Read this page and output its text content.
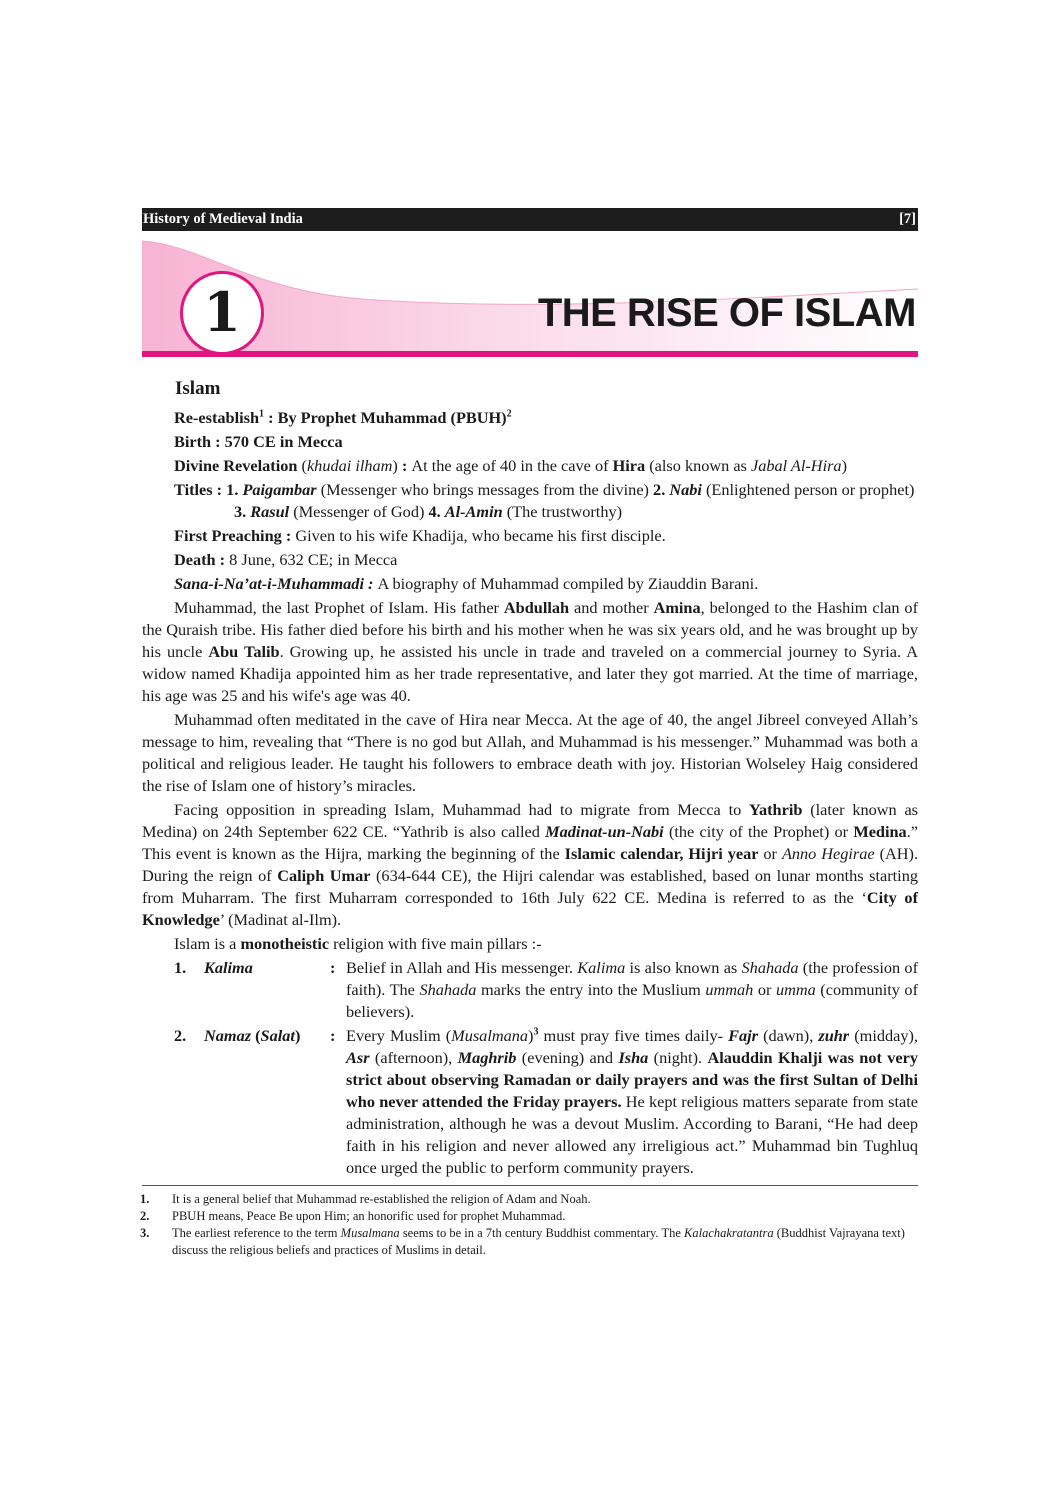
History of Medieval India	[7]
1	THE RISE OF ISLAM
Islam
Re-establish$^1$ : By Prophet Muhammad (PBUH)$^2$
Birth : 570 CE in Mecca
Divine Revelation (khudai ilham) : At the age of 40 in the cave of Hira (also known as Jabal Al-Hira)
Titles : 1. Paigambar (Messenger who brings messages from the divine) 2. Nabi (Enlightened person or prophet) 3. Rasul (Messenger of God) 4. Al-Amin (The trustworthy)
First Preaching : Given to his wife Khadija, who became his first disciple.
Death : 8 June, 632 CE; in Mecca
Sana-i-Na’at-i-Muhammadi : A biography of Muhammad compiled by Ziauddin Barani.

Muhammad, the last Prophet of Islam. His father Abdullah and mother Amina, belonged to the Hashim clan of the Quraish tribe. His father died before his birth and his mother when he was six years old, and he was brought up by his uncle Abu Talib. Growing up, he assisted his uncle in trade and traveled on a commercial journey to Syria. A widow named Khadija appointed him as her trade representative, and later they got married. At the time of marriage, his age was 25 and his wife's age was 40.

Muhammad often meditated in the cave of Hira near Mecca. At the age of 40, the angel Jibreel conveyed Allah’s message to him, revealing that “There is no god but Allah, and Muhammad is his messenger.” Muhammad was both a political and religious leader. He taught his followers to embrace death with joy. Historian Wolseley Haig considered the rise of Islam one of history’s miracles.

Facing opposition in spreading Islam, Muhammad had to migrate from Mecca to Yathrib (later known as Medina) on 24th September 622 CE. “Yathrib is also called Madinat-un-Nabi (the city of the Prophet) or Medina.” This event is known as the Hijra, marking the beginning of the Islamic calendar, Hijri year or Anno Hegirae (AH). During the reign of Caliph Umar (634-644 CE), the Hijri calendar was established, based on lunar months starting from Muharram. The first Muharram corresponded to 16th July 622 CE. Medina is referred to as the ‘City of Knowledge’ (Madinat al-Ilm).

Islam is a monotheistic religion with five main pillars :-

1.	Kalima	: Belief in Allah and His messenger. Kalima is also known as Shahada (the profession of faith). The Shahada marks the entry into the Muslium ummah or umma (community of believers).
2.	Namaz (Salat)	: Every Muslim (Musalmana)$^3$ must pray five times daily- Fajr (dawn), zuhr (midday), Asr (afternoon), Maghrib (evening) and Isha (night). Alauddin Khalji was not very strict about observing Ramadan or daily prayers and was the first Sultan of Delhi who never attended the Friday prayers. He kept religious matters separate from state administration, although he was a devout Muslim. According to Barani, “He had deep faith in his religion and never allowed any irreligious act.” Muhammad bin Tughluq once urged the public to perform community prayers.
1.	It is a general belief that Muhammad re-established the religion of Adam and Noah.
2.	PBUH means, Peace Be upon Him; an honorific used for prophet Muhammad.
3.	The earliest reference to the term Musalmana seems to be in a 7th century Buddhist commentary. The Kalachakratantra (Buddhist Vajrayana text) discuss the religious beliefs and practices of Muslims in detail.
